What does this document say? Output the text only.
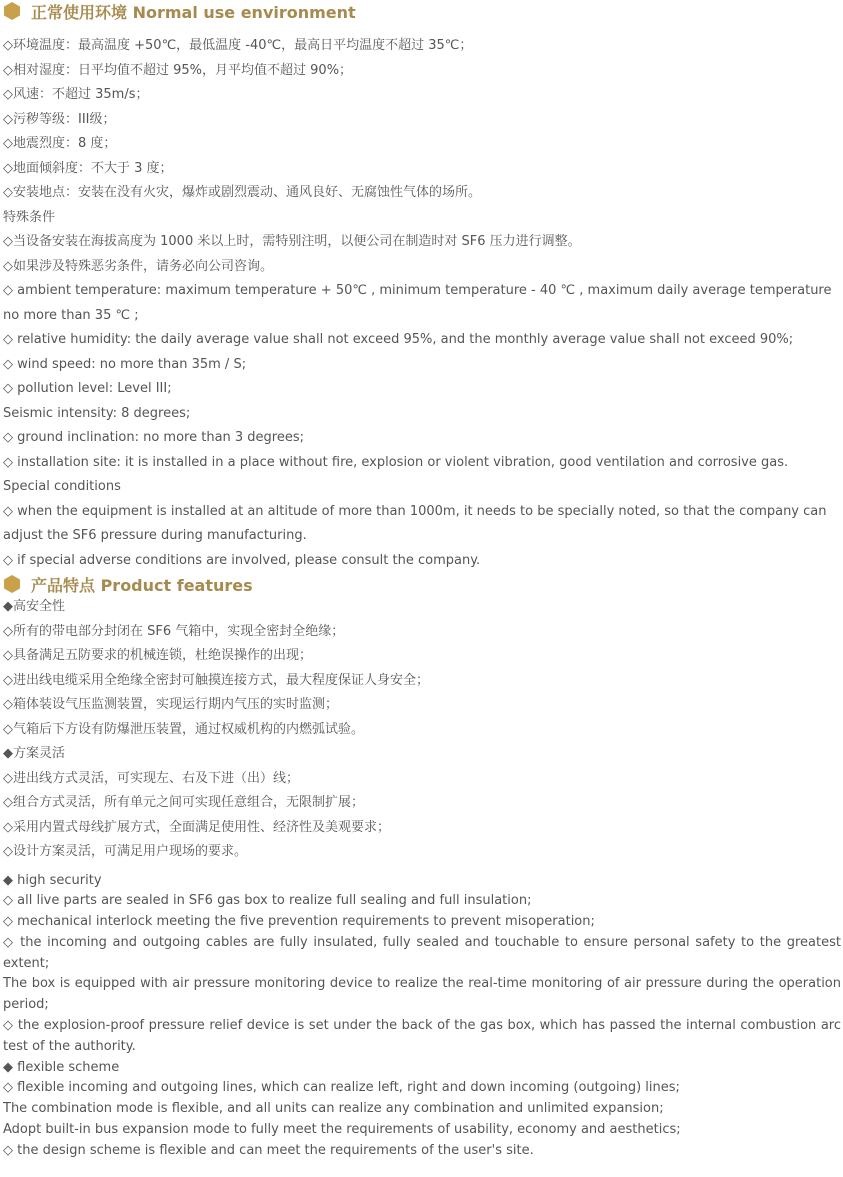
正常使用环境 Normal use environment
◇环境温度：最高温度 +50℃，最低温度 -40℃，最高日平均温度不超过 35℃；
◇相对湿度：日平均值不超过 95%，月平均值不超过 90%；
◇风速：不超过 35m/s；
◇污秽等级：III级；
◇地震烈度：8 度；
◇地面倾斜度：不大于 3 度；
◇安装地点：安装在没有火灾，爆炸或剧烈震动、通风良好、无腐蚀性气体的场所。
特殊条件
◇当设备安装在海拔高度为 1000 米以上时，需特别注明，以便公司在制造时对 SF6 压力进行调整。
◇如果涉及特殊恶劣条件，请务必向公司咨询。
◇ ambient temperature: maximum temperature + 50℃ , minimum temperature - 40 ℃ , maximum daily average temperature no more than 35 ℃ ;
◇ relative humidity: the daily average value shall not exceed 95%, and the monthly average value shall not exceed 90%;
◇ wind speed: no more than 35m / S;
◇ pollution level: Level III;
Seismic intensity: 8 degrees;
◇ ground inclination: no more than 3 degrees;
◇ installation site: it is installed in a place without fire, explosion or violent vibration, good ventilation and corrosive gas.
Special conditions
◇ when the equipment is installed at an altitude of more than 1000m, it needs to be specially noted, so that the company can adjust the SF6 pressure during manufacturing.
◇ if special adverse conditions are involved, please consult the company.
产品特点 Product features
◆高安全性
◇所有的带电部分封闭在 SF6 气箱中，实现全密封全绝缘；
◇具备满足五防要求的机械连锁，杜绝误操作的出现；
◇进出线电缆采用全绝缘全密封可触摸连接方式，最大程度保证人身安全；
◇箱体装设气压监测装置，实现运行期内气压的实时监测；
◇气箱后下方设有防爆泄压装置，通过权威机构的内燃弧试验。
◆方案灵活
◇进出线方式灵活，可实现左、右及下进（出）线；
◇组合方式灵活，所有单元之间可实现任意组合，无限制扩展；
◇采用内置式母线扩展方式，全面满足使用性、经济性及美观要求；
◇设计方案灵活，可满足用户现场的要求。
◆ high security
◇ all live parts are sealed in SF6 gas box to realize full sealing and full insulation;
◇ mechanical interlock meeting the five prevention requirements to prevent misoperation;
◇ the incoming and outgoing cables are fully insulated, fully sealed and touchable to ensure personal safety to the greatest extent;
The box is equipped with air pressure monitoring device to realize the real-time monitoring of air pressure during the operation period;
◇ the explosion-proof pressure relief device is set under the back of the gas box, which has passed the internal combustion arc test of the authority.
◆ flexible scheme
◇ flexible incoming and outgoing lines, which can realize left, right and down incoming (outgoing) lines;
The combination mode is flexible, and all units can realize any combination and unlimited expansion;
Adopt built-in bus expansion mode to fully meet the requirements of usability, economy and aesthetics;
◇ the design scheme is flexible and can meet the requirements of the user's site.
